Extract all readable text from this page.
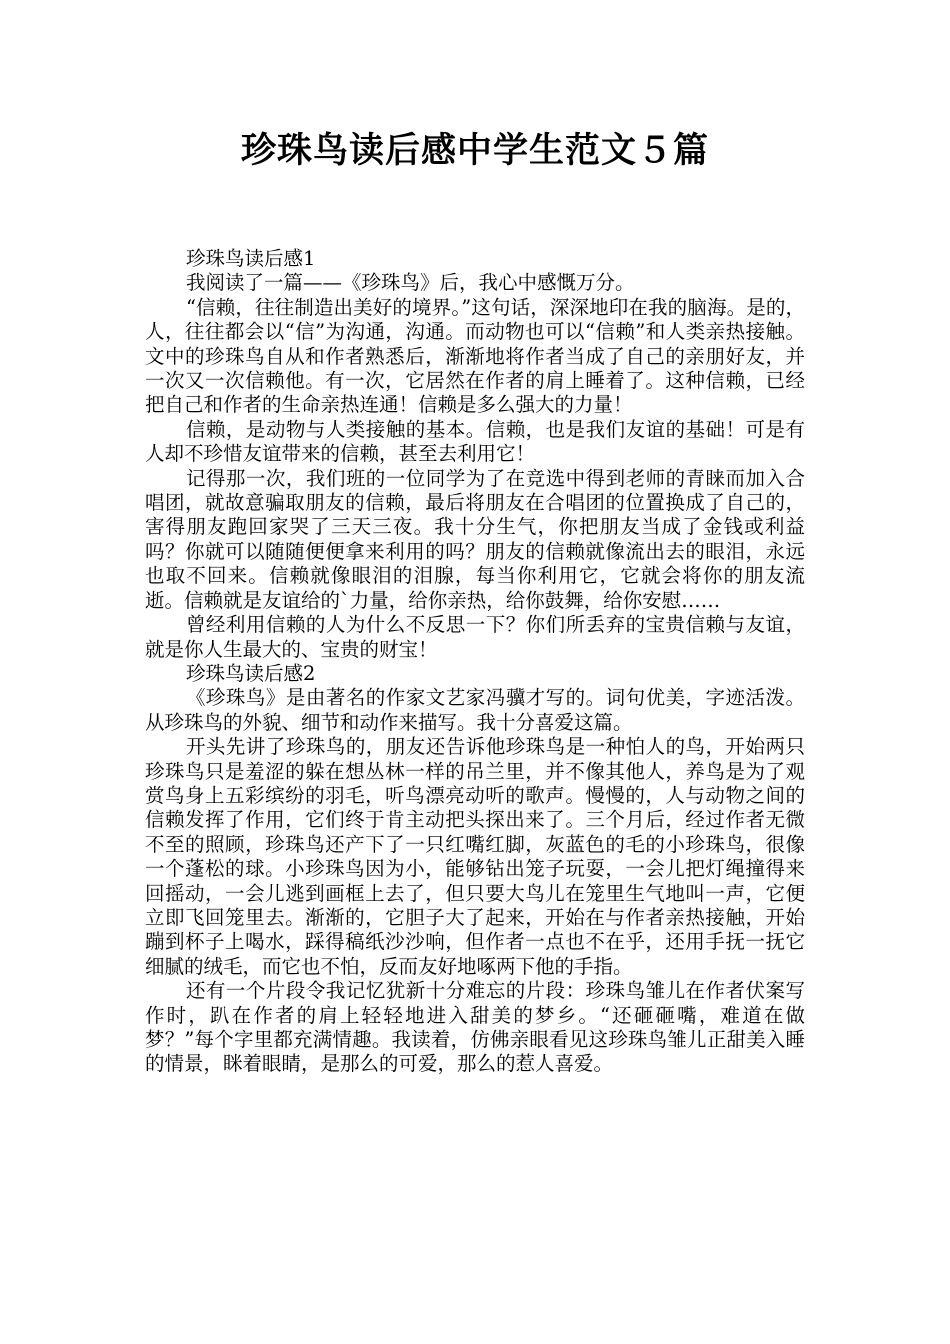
珍珠鸟读后感中学生范文５篇

珍珠鸟读后感1

我阅读了一篇——《珍珠鸟》后，我心中感慨万分。

“信赖，往往制造出美好的境界。”这句话，深深地印在我的脑海。是的，人，往往都会以“信”为沟通，沟通。而动物也可以“信赖”和人类亲热接触。文中的珍珠鸟自从和作者熟悉后，渐渐地将作者当成了自己的亲朋好友，并一次又一次信赖他。有一次，它居然在作者的肩上睡着了。这种信赖，已经把自己和作者的生命亲热连通！信赖是多么强大的力量！

信赖，是动物与人类接触的基本。信赖，也是我们友谊的基础！可是有人却不珍惜友谊带来的信赖，甚至去利用它！

记得那一次，我们班的一位同学为了在竞选中得到老师的青睐而加入合唱团，就故意骗取朋友的信赖，最后将朋友在合唱团的位置换成了自己的，害得朋友跑回家哭了三天三夜。我十分生气，你把朋友当成了金钱或利益吗？你就可以随随便便拿来利用的吗？朋友的信赖就像流出去的眼泪，永远也取不回来。信赖就像眼泪的泪腺，每当你利用它，它就会将你的朋友流逝。信赖就是友谊给的`力量，给你亲热，给你鼓舞，给你安慰……

曾经利用信赖的人为什么不反思一下？你们所丢弃的宝贵信赖与友谊，就是你人生最大的、宝贵的财宝！

珍珠鸟读后感2

《珍珠鸟》是由著名的作家文艺家冯骥才写的。词句优美，字迹活泼。从珍珠鸟的外貌、细节和动作来描写。我十分喜爱这篇。

开头先讲了珍珠鸟的，朋友还告诉他珍珠鸟是一种怕人的鸟，开始两只珍珠鸟只是羞涩的躲在想丛林一样的吊兰里，并不像其他人，养鸟是为了观赏鸟身上五彩缤纷的羽毛，听鸟漂亮动听的歌声。慢慢的，人与动物之间的信赖发挥了作用，它们终于肯主动把头探出来了。三个月后，经过作者无微不至的照顾，珍珠鸟还产下了一只红嘴红脚，灰蓝色的毛的小珍珠鸟，很像一个蓬松的球。小珍珠鸟因为小，能够钻出笼子玩耍，一会儿把灯绳撞得来回摇动，一会儿逃到画框上去了，但只要大鸟儿在笼里生气地叫一声，它便立即飞回笼里去。渐渐的，它胆子大了起来，开始在与作者亲热接触，开始蹦到杯子上喝水，踩得稿纸沙沙响，但作者一点也不在乎，还用手抚一抚它细腻的绒毛，而它也不怕，反而友好地啄两下他的手指。

还有一个片段令我记忆犹新十分难忘的片段：珍珠鸟雏儿在作者伏案写作时，趴在作者的肩上轻轻地进入甜美的梦乡。“还砸砸嘴，难道在做梦？”每个字里都充满情趣。我读着，仿佛亲眼看见这珍珠鸟雏儿正甜美入睡的情景，眯着眼睛，是那么的可爱，那么的惹人喜爱。
